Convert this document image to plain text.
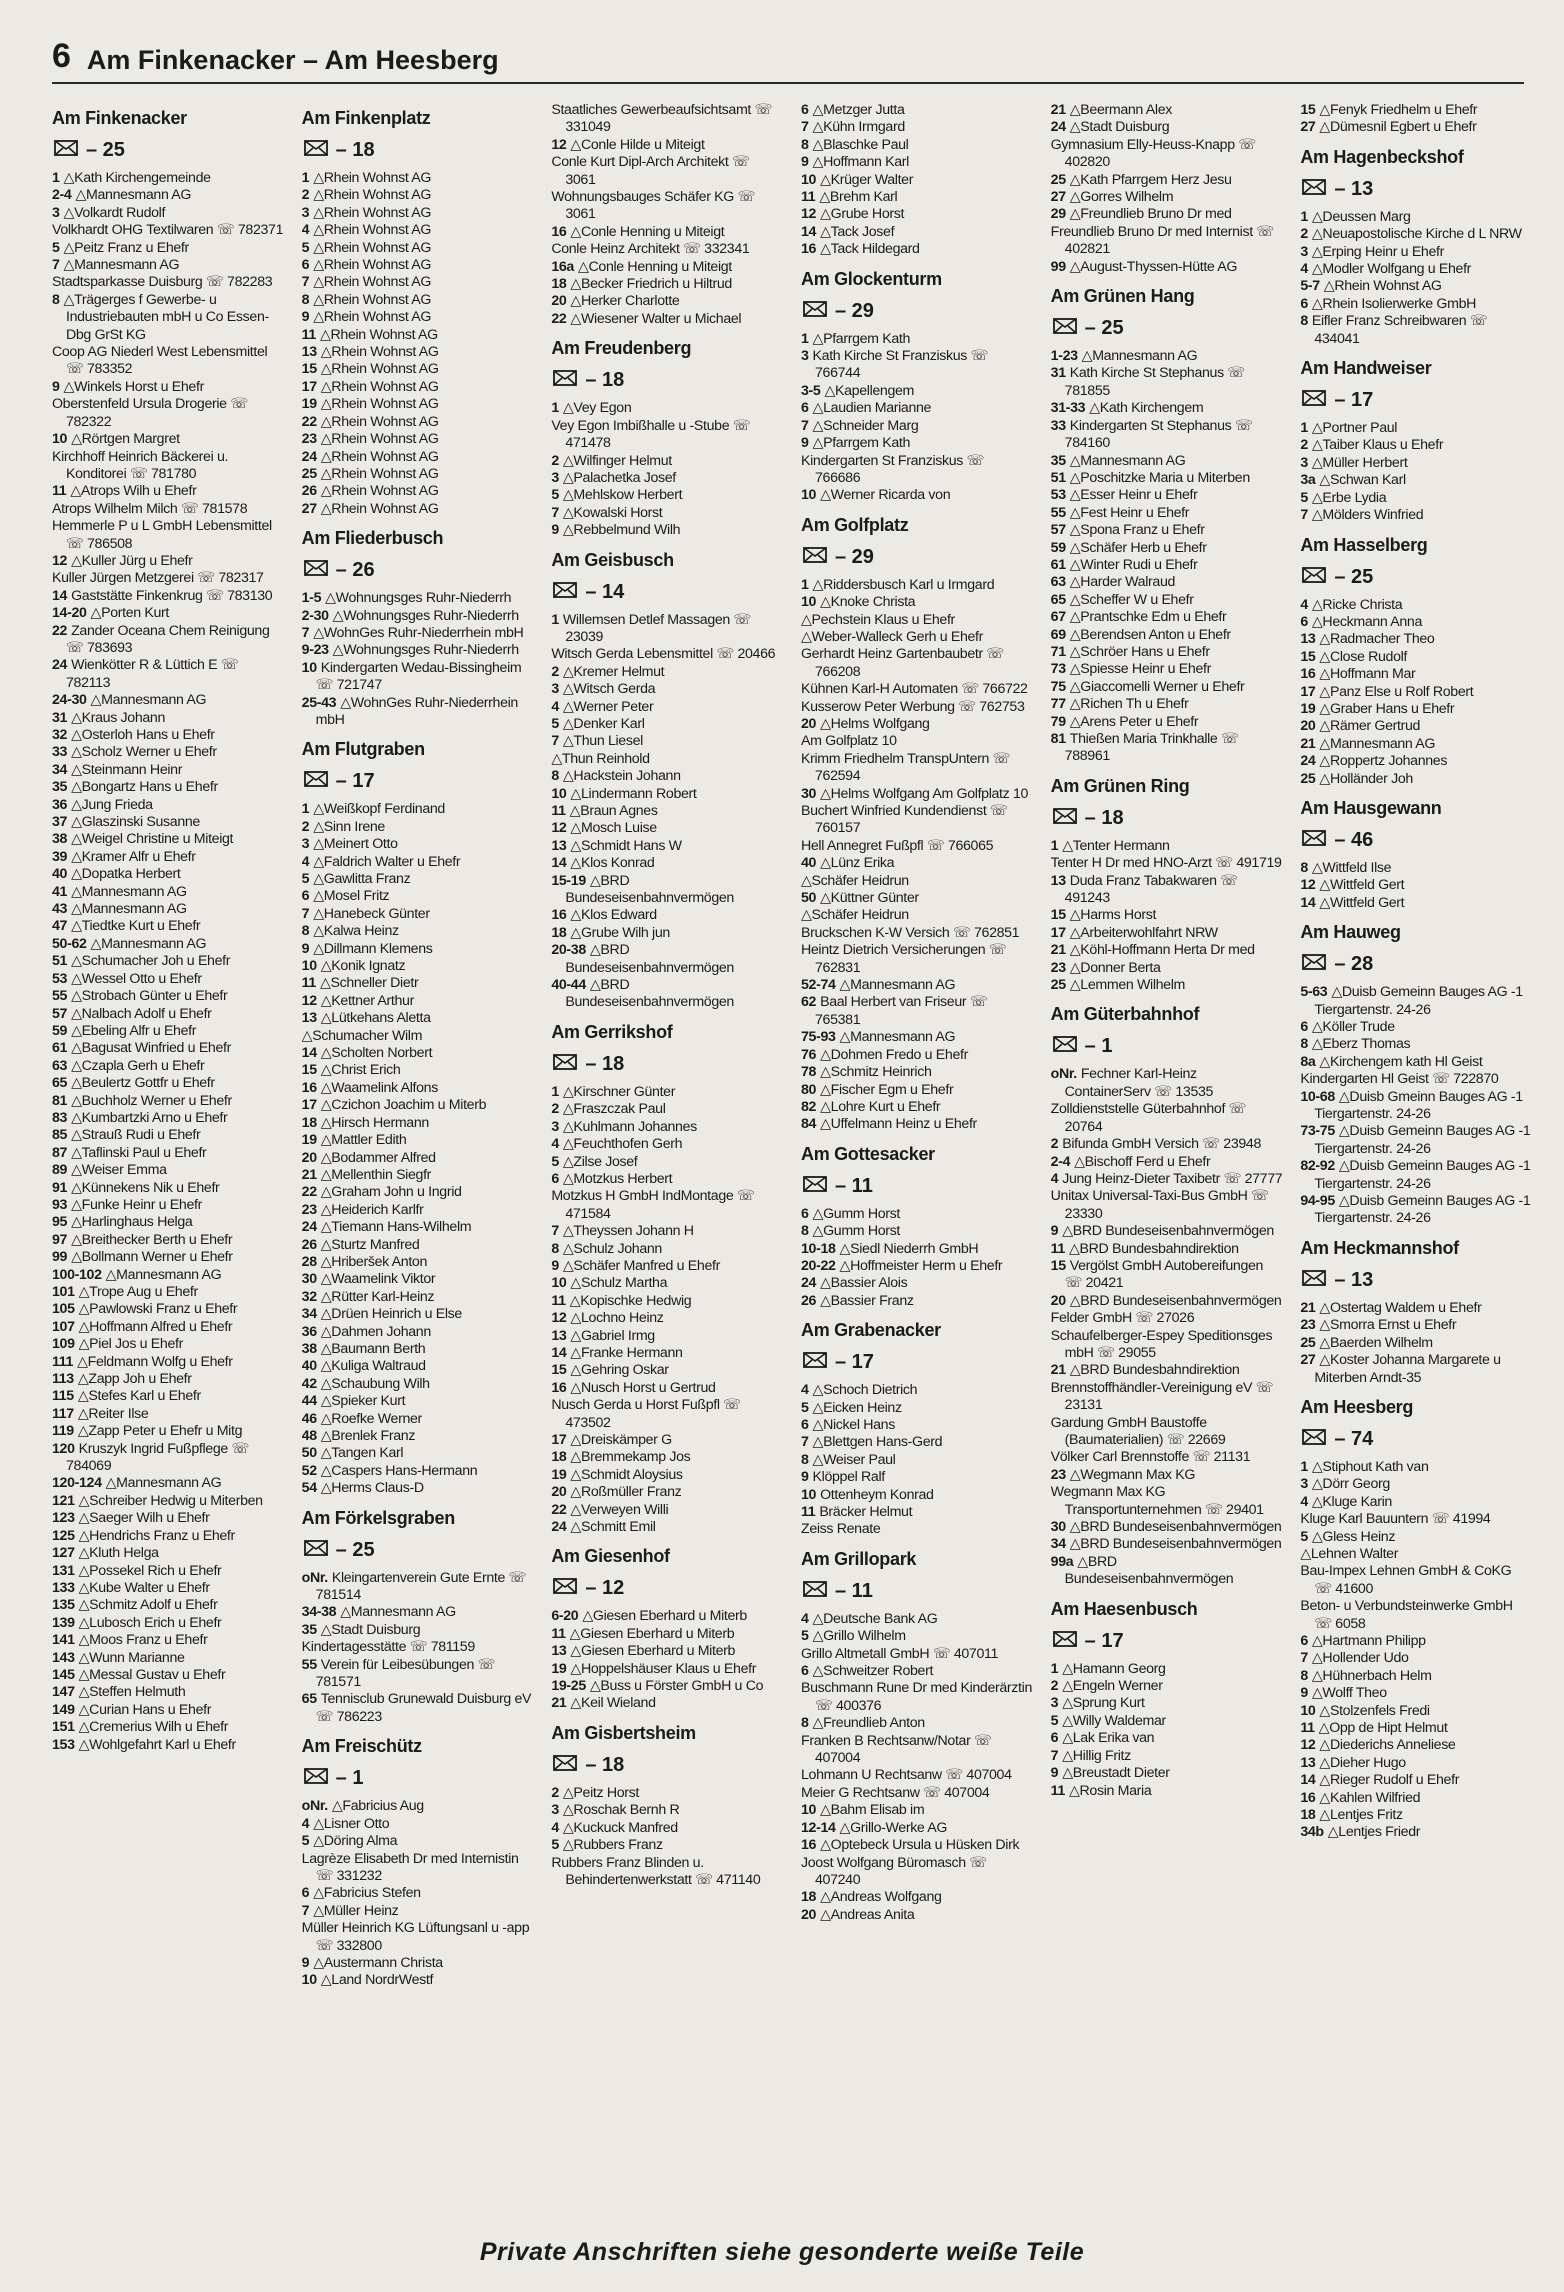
6 Am Finkenacker – Am Heesberg
Am Finkenacker
– 25
1 △Kath Kirchengemeinde
2-4 △Mannesmann AG
3 △Volkardt Rudolf
Volkhardt OHG Textilwaren ☏ 782371
5 △Peitz Franz u Ehefr
7 △Mannesmann AG
Stadtsparkasse Duisburg ☏ 782283
8 △Trägerges f Gewerbe- u Industriebauten mbH u Co Essen-Dbg GrSt KG
Coop AG Niederl West Lebensmittel ☏ 783352
9 △Winkels Horst u Ehefr
Oberstenfeld Ursula Drogerie ☏ 782322
10 △Rörtgen Margret
Kirchhoff Heinrich Bäckerei u. Konditorei ☏ 781780
11 △Atrops Wilh u Ehefr
Atrops Wilhelm Milch ☏ 781578
Hemmerle P u L GmbH Lebensmittel ☏ 786508
12 △Kuller Jürg u Ehefr
Kuller Jürgen Metzgerei ☏ 782317
14 Gaststätte Finkenkrug ☏ 783130
14-20 △Porten Kurt
22 Zander Oceana Chem Reinigung ☏ 783693
24 Wienkötter R & Lüttich E ☏ 782113
24-30 △Mannesmann AG
31 △Kraus Johann
32 △Osterloh Hans u Ehefr
33 △Scholz Werner u Ehefr
34 △Steinmann Heinr
35 △Bongartz Hans u Ehefr
36 △Jung Frieda
37 △Glaszinski Susanne
38 △Weigel Christine u Miteigt
39 △Kramer Alfr u Ehefr
40 △Dopatka Herbert
41 △Mannesmann AG
43 △Mannesmann AG
47 △Tiedtke Kurt u Ehefr
50-62 △Mannesmann AG
51 △Schumacher Joh u Ehefr
53 △Wessel Otto u Ehefr
55 △Strobach Günter u Ehefr
57 △Nalbach Adolf u Ehefr
59 △Ebeling Alfr u Ehefr
61 △Bagusat Winfried u Ehefr
63 △Czapla Gerh u Ehefr
65 △Beulertz Gottfr u Ehefr
81 △Buchholz Werner u Ehefr
83 △Kumbartzki Arno u Ehefr
85 △Strauß Rudi u Ehefr
87 △Taflinski Paul u Ehefr
89 △Weiser Emma
91 △Künnekens Nik u Ehefr
93 △Funke Heinr u Ehefr
95 △Harlinghaus Helga
97 △Breithecker Berth u Ehefr
99 △Bollmann Werner u Ehefr
100-102 △Mannesmann AG
101 △Trope Aug u Ehefr
105 △Pawlowski Franz u Ehefr
107 △Hoffmann Alfred u Ehefr
109 △Piel Jos u Ehefr
111 △Feldmann Wolfg u Ehefr
113 △Zapp Joh u Ehefr
115 △Stefes Karl u Ehefr
117 △Reiter Ilse
119 △Zapp Peter u Ehefr u Mitg
120 Kruszyk Ingrid Fußpflege ☏ 784069
120-124 △Mannesmann AG
121 △Schreiber Hedwig u Miterben
123 △Saeger Wilh u Ehefr
125 △Hendrichs Franz u Ehefr
127 △Kluth Helga
131 △Possekel Rich u Ehefr
133 △Kube Walter u Ehefr
135 △Schmitz Adolf u Ehefr
139 △Lubosch Erich u Ehefr
141 △Moos Franz u Ehefr
143 △Wunn Marianne
145 △Messal Gustav u Ehefr
147 △Steffen Helmuth
149 △Curian Hans u Ehefr
151 △Cremerius Wilh u Ehefr
153 △Wohlgefahrt Karl u Ehefr
Am Finkenplatz
– 18
1 △Rhein Wohnst AG
2 △Rhein Wohnst AG
3 △Rhein Wohnst AG
4 △Rhein Wohnst AG
5 △Rhein Wohnst AG
6 △Rhein Wohnst AG
7 △Rhein Wohnst AG
8 △Rhein Wohnst AG
9 △Rhein Wohnst AG
11 △Rhein Wohnst AG
13 △Rhein Wohnst AG
15 △Rhein Wohnst AG
17 △Rhein Wohnst AG
19 △Rhein Wohnst AG
22 △Rhein Wohnst AG
23 △Rhein Wohnst AG
24 △Rhein Wohnst AG
25 △Rhein Wohnst AG
26 △Rhein Wohnst AG
27 △Rhein Wohnst AG
Am Fliederbusch
– 26
1-5 △Wohnungsges Ruhr-Niederrh
2-30 △Wohnungsges Ruhr-Niederrh
7 △WohnGes Ruhr-Niederrhein mbH
9-23 △Wohnungsges Ruhr-Niederrh
10 Kindergarten Wedau-Bissingheim ☏ 721747
25-43 △WohnGes Ruhr-Niederrhein mbH
Am Flutgraben
– 17
1 △Weißkopf Ferdinand
2 △Sinn Irene
3 △Meinert Otto
4 △Faldrich Walter u Ehefr
5 △Gawlitta Franz
6 △Mosel Fritz
7 △Hanebeck Günter
8 △Kalwa Heinz
9 △Dillmann Klemens
10 △Konik Ignatz
11 △Schneller Dietr
12 △Kettner Arthur
13 △Lütkehans Aletta
△Schumacher Wilm
14 △Scholten Norbert
15 △Christ Erich
16 △Waamelink Alfons
17 △Czichon Joachim u Miterb
18 △Hirsch Hermann
19 △Mattler Edith
20 △Bodammer Alfred
21 △Mellenthin Siegfr
22 △Graham John u Ingrid
23 △Heiderich Karlfr
24 △Tiemann Hans-Wilhelm
26 △Sturtz Manfred
28 △Hriberšek Anton
30 △Waamelink Viktor
32 △Rütter Karl-Heinz
34 △Drüen Heinrich u Else
36 △Dahmen Johann
38 △Baumann Berth
40 △Kuliga Waltraud
42 △Schaubung Wilh
44 △Spieker Kurt
46 △Roefke Werner
48 △Brenlek Franz
50 △Tangen Karl
52 △Caspers Hans-Hermann
54 △Herms Claus-D
Am Förkelsgraben
– 25
oNr. Kleingartenverein Gute Ernte ☏ 781514
34-38 △Mannesmann AG
35 △Stadt Duisburg
Kindertagesstätte ☏ 781159
55 Verein für Leibesübungen ☏ 781571
65 Tennisclub Grunewald Duisburg eV ☏ 786223
Am Freischütz
– 1
oNr. △Fabricius Aug
4 △Lisner Otto
5 △Döring Alma
Lagrèze Elisabeth Dr med Internistin ☏ 331232
6 △Fabricius Stefen
7 △Müller Heinz
Müller Heinrich KG Lüftungsanl u -app ☏ 332800
9 △Austermann Christa
10 △Land NordrWestf
Staatliches Gewerbeaufsichtsamt ☏ 331049
12 △Conle Hilde u Miteigt
Conle Kurt Dipl-Arch Architekt ☏ 3061
Wohnungsbauges Schäfer KG ☏ 3061
16 △Conle Henning u Miteigt
Conle Heinz Architekt ☏ 332341
16a △Conle Henning u Miteigt
18 △Becker Friedrich u Hiltrud
20 △Herker Charlotte
22 △Wiesener Walter u Michael
Am Freudenberg
– 18
1 △Vey Egon
Vey Egon Imbißhalle u -Stube ☏ 471478
2 △Wilfinger Helmut
3 △Palachetka Josef
5 △Mehlskow Herbert
7 △Kowalski Horst
9 △Rebbelmund Wilh
Am Geisbusch
– 14
1 Willemsen Detlef Massagen ☏ 23039
Witsch Gerda Lebensmittel ☏ 20466
2 △Kremer Helmut
3 △Witsch Gerda
4 △Werner Peter
5 △Denker Karl
7 △Thun Liesel
△Thun Reinhold
8 △Hackstein Johann
10 △Lindermann Robert
11 △Braun Agnes
12 △Mosch Luise
13 △Schmidt Hans W
14 △Klos Konrad
15-19 △BRD Bundeseisenbahnvermögen
16 △Klos Edward
18 △Grube Wilh jun
20-38 △BRD Bundeseisenbahnvermögen
40-44 △BRD Bundeseisenbahnvermögen
Am Gerrikshof
– 18
1 △Kirschner Günter
2 △Fraszczak Paul
3 △Kuhlmann Johannes
4 △Feuchthofen Gerh
5 △Zilse Josef
6 △Motzkus Herbert
Motzkus H GmbH IndMontage ☏ 471584
7 △Theyssen Johann H
8 △Schulz Johann
9 △Schäfer Manfred u Ehefr
10 △Schulz Martha
11 △Kopischke Hedwig
12 △Lochno Heinz
13 △Gabriel Irmg
14 △Franke Hermann
15 △Gehring Oskar
16 △Nusch Horst u Gertrud
Nusch Gerda u Horst Fußpfl ☏ 473502
17 △Dreiskämper G
18 △Bremmekamp Jos
19 △Schmidt Aloysius
20 △Roßmüller Franz
22 △Verweyen Willi
24 △Schmitt Emil
Am Giesenhof
– 12
6-20 △Giesen Eberhard u Miterb
11 △Giesen Eberhard u Miterb
13 △Giesen Eberhard u Miterb
19 △Hoppelshäuser Klaus u Ehefr
19-25 △Buss u Förster GmbH u Co
21 △Keil Wieland
Am Gisbertsheim
– 18
2 △Peitz Horst
3 △Roschak Bernh R
4 △Kuckuck Manfred
5 △Rubbers Franz
Rubbers Franz Blinden u. Behindertenwerkstatt ☏ 471140
6 △Metzger Jutta
7 △Kühn Irmgard
8 △Blaschke Paul
9 △Hoffmann Karl
10 △Krüger Walter
11 △Brehm Karl
12 △Grube Horst
14 △Tack Josef
16 △Tack Hildegard
Am Glockenturm
– 29
1 △Pfarrgem Kath
3 Kath Kirche St Franziskus ☏ 766744
3-5 △Kapellengem
6 △Laudien Marianne
7 △Schneider Marg
9 △Pfarrgem Kath
Kindergarten St Franziskus ☏ 766686
10 △Werner Ricarda von
Am Golfplatz
– 29
1 △Riddersbusch Karl u Irmgard
10 △Knoke Christa
△Pechstein Klaus u Ehefr
△Weber-Walleck Gerh u Ehefr
Gerhardt Heinz Gartenbaubetr ☏ 766208
Kühnen Karl-H Automaten ☏ 766722
Kusserow Peter Werbung ☏ 762753
20 △Helms Wolfgang
Am Golfplatz 10
Krimm Friedhelm TranspUntern ☏ 762594
30 △Helms Wolfgang Am Golfplatz 10
Buchert Winfried Kundendienst ☏ 760157
Hell Annegret Fußpfl ☏ 766065
40 △Lünz Erika
△Schäfer Heidrun
50 △Küttner Günter
△Schäfer Heidrun
Bruckschen K-W Versich ☏ 762851
Heintz Dietrich Versicherungen ☏ 762831
52-74 △Mannesmann AG
62 Baal Herbert van Friseur ☏ 765381
75-93 △Mannesmann AG
76 △Dohmen Fredo u Ehefr
78 △Schmitz Heinrich
80 △Fischer Egm u Ehefr
82 △Lohre Kurt u Ehefr
84 △Uffelmann Heinz u Ehefr
Am Gottesacker
– 11
6 △Gumm Horst
8 △Gumm Horst
10-18 △Siedl Niederrh GmbH
20-22 △Hoffmeister Herm u Ehefr
24 △Bassier Alois
26 △Bassier Franz
Am Grabenacker
– 17
4 △Schoch Dietrich
5 △Eicken Heinz
6 △Nickel Hans
7 △Blettgen Hans-Gerd
8 △Weiser Paul
9 Klöppel Ralf
10 Ottenheym Konrad
11 Bräcker Helmut
Zeiss Renate
Am Grillopark
– 11
4 △Deutsche Bank AG
5 △Grillo Wilhelm
Grillo Altmetall GmbH ☏ 407011
6 △Schweitzer Robert
Buschmann Rune Dr med Kinderärztin ☏ 400376
8 △Freundlieb Anton
Franken B Rechtsanw/Notar ☏ 407004
Lohmann U Rechtsanw ☏ 407004
Meier G Rechtsanw ☏ 407004
10 △Bahm Elisab im
12-14 △Grillo-Werke AG
16 △Optebeck Ursula u Hüsken Dirk
Joost Wolfgang Büromasch ☏ 407240
18 △Andreas Wolfgang
20 △Andreas Anita
21 △Beermann Alex
24 △Stadt Duisburg
Gymnasium Elly-Heuss-Knapp ☏ 402820
25 △Kath Pfarrgem Herz Jesu
27 △Gorres Wilhelm
29 △Freundlieb Bruno Dr med
Freundlieb Bruno Dr med Internist ☏ 402821
99 △August-Thyssen-Hütte AG
Am Grünen Hang
– 25
1-23 △Mannesmann AG
31 Kath Kirche St Stephanus ☏ 781855
31-33 △Kath Kirchengem
33 Kindergarten St Stephanus ☏ 784160
35 △Mannesmann AG
51 △Poschitzke Maria u Miterben
53 △Esser Heinr u Ehefr
55 △Fest Heinr u Ehefr
57 △Spona Franz u Ehefr
59 △Schäfer Herb u Ehefr
61 △Winter Rudi u Ehefr
63 △Harder Walraud
65 △Scheffer W u Ehefr
67 △Prantschke Edm u Ehefr
69 △Berendsen Anton u Ehefr
71 △Schröer Hans u Ehefr
73 △Spiesse Heinr u Ehefr
75 △Giaccomelli Werner u Ehefr
77 △Richen Th u Ehefr
79 △Arens Peter u Ehefr
81 Thießen Maria Trinkhalle ☏ 788961
Am Grünen Ring
– 18
1 △Tenter Hermann
Tenter H Dr med HNO-Arzt ☏ 491719
13 Duda Franz Tabakwaren ☏ 491243
15 △Harms Horst
17 △Arbeiterwohlfahrt NRW
21 △Köhl-Hoffmann Herta Dr med
23 △Donner Berta
25 △Lemmen Wilhelm
Am Güterbahnhof
– 1
oNr. Fechner Karl-Heinz ContainerServ ☏ 13535
Zolldienststelle Güterbahnhof ☏ 20764
2 Bifunda GmbH Versich ☏ 23948
2-4 △Bischoff Ferd u Ehefr
4 Jung Heinz-Dieter Taxibetr ☏ 27777
Unitax Universal-Taxi-Bus GmbH ☏ 23330
9 △BRD Bundeseisenbahnvermögen
11 △BRD Bundesbahndirektion
15 Vergölst GmbH Autobereifungen ☏ 20421
20 △BRD Bundeseisenbahnvermögen
Felder GmbH ☏ 27026
Schaufelberger-Espey Speditionsges mbH ☏ 29055
21 △BRD Bundesbahndirektion
Brennstoffhändler-Vereinigung eV ☏ 23131
Gardung GmbH Baustoffe (Baumaterialien) ☏ 22669
Völker Carl Brennstoffe ☏ 21131
23 △Wegmann Max KG
Wegmann Max KG Transportunternehmen ☏ 29401
30 △BRD Bundeseisenbahnvermögen
34 △BRD Bundeseisenbahnvermögen
99a △BRD Bundeseisenbahnvermögen
Am Haesenbusch
– 17
1 △Hamann Georg
2 △Engeln Werner
3 △Sprung Kurt
5 △Willy Waldemar
6 △Lak Erika van
7 △Hillig Fritz
9 △Breustadt Dieter
11 △Rosin Maria
15 △Fenyk Friedhelm u Ehefr
27 △Dümesnil Egbert u Ehefr
Am Hagenbeckshof
– 13
1 △Deussen Marg
2 △Neuapostolische Kirche d L NRW
3 △Erping Heinr u Ehefr
4 △Modler Wolfgang u Ehefr
5-7 △Rhein Wohnst AG
6 △Rhein Isolierwerke GmbH
8 Eifler Franz Schreibwaren ☏ 434041
Am Handweiser
– 17
1 △Portner Paul
2 △Taiber Klaus u Ehefr
3 △Müller Herbert
3a △Schwan Karl
5 △Erbe Lydia
7 △Mölders Winfried
Am Hasselberg
– 25
4 △Ricke Christa
6 △Heckmann Anna
13 △Radmacher Theo
15 △Close Rudolf
16 △Hoffmann Mar
17 △Panz Else u Rolf Robert
19 △Graber Hans u Ehefr
20 △Rämer Gertrud
21 △Mannesmann AG
24 △Roppertz Johannes
25 △Holländer Joh
Am Hausgewann
– 46
8 △Wittfeld Ilse
12 △Wittfeld Gert
14 △Wittfeld Gert
Am Hauweg
– 28
5-63 △Duisb Gemeinn Bauges AG -1 Tiergartenstr. 24-26
6 △Köller Trude
8 △Eberz Thomas
8a △Kirchengem kath Hl Geist
Kindergarten Hl Geist ☏ 722870
10-68 △Duisb Gmeinn Bauges AG -1 Tiergartenstr. 24-26
73-75 △Duisb Gemeinn Bauges AG -1 Tiergartenstr. 24-26
82-92 △Duisb Gemeinn Bauges AG -1 Tiergartenstr. 24-26
94-95 △Duisb Gemeinn Bauges AG -1 Tiergartenstr. 24-26
Am Heckmannshof
– 13
21 △Ostertag Waldem u Ehefr
23 △Smorra Ernst u Ehefr
25 △Baerden Wilhelm
27 △Koster Johanna Margarete u Miterben Arndt-35
Am Heesberg
– 74
1 △Stiphout Kath van
3 △Dörr Georg
4 △Kluge Karin
Kluge Karl Bauuntern ☏ 41994
5 △Gless Heinz
△Lehnen Walter
Bau-Impex Lehnen GmbH & CoKG ☏ 41600
Beton- u Verbundsteinwerke GmbH ☏ 6058
6 △Hartmann Philipp
7 △Hollender Udo
8 △Hühnerbach Helm
9 △Wolff Theo
10 △Stolzenfels Fredi
11 △Opp de Hipt Helmut
12 △Diederichs Anneliese
13 △Dieher Hugo
14 △Rieger Rudolf u Ehefr
16 △Kahlen Wilfried
18 △Lentjes Fritz
34b △Lentjes Friedr
Private Anschriften siehe gesonderte weiße Teile
